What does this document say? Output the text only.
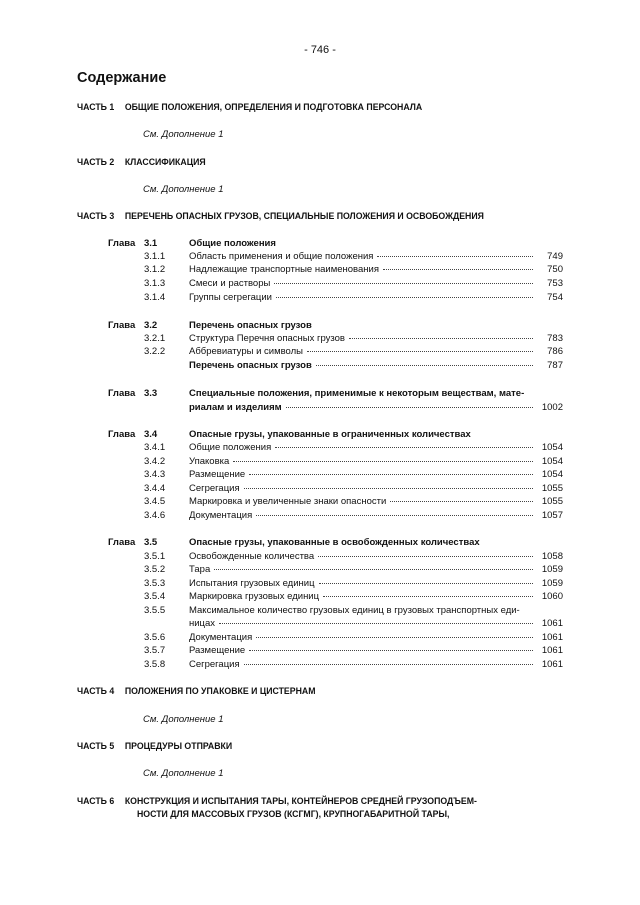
- 746 -
Содержание
ЧАСТЬ 1 ОБЩИЕ ПОЛОЖЕНИЯ, ОПРЕДЕЛЕНИЯ И ПОДГОТОВКА ПЕРСОНАЛА
См. Дополнение 1
ЧАСТЬ 2 КЛАССИФИКАЦИЯ
См. Дополнение 1
ЧАСТЬ 3 ПЕРЕЧЕНЬ ОПАСНЫХ ГРУЗОВ, СПЕЦИАЛЬНЫЕ ПОЛОЖЕНИЯ И ОСВОБОЖДЕНИЯ
Глава 3.1	Общие положения
3.1.1	Область применения и общие положения	749
3.1.2	Надлежащие транспортные наименования	750
3.1.3	Смеси и растворы	753
3.1.4	Группы сегрегации	754
Глава 3.2	Перечень опасных грузов
3.2.1	Структура Перечня опасных грузов	783
3.2.2	Аббревиатуры и символы	786
Перечень опасных грузов	787
Глава 3.3	Специальные положения, применимые к некоторым веществам, мате-
риалам и изделиям	1002
Глава 3.4	Опасные грузы, упакованные в ограниченных количествах
3.4.1	Общие положения	1054
3.4.2	Упаковка	1054
3.4.3	Размещение	1054
3.4.4	Сегрегация	1055
3.4.5	Маркировка и увеличенные знаки опасности	1055
3.4.6	Документация	1057
Глава 3.5	Опасные грузы, упакованные в освобожденных количествах
3.5.1	Освобожденные количества	1058
3.5.2	Тара	1059
3.5.3	Испытания грузовых единиц	1059
3.5.4	Маркировка грузовых единиц	1060
3.5.5	Максимальное количество грузовых единиц в грузовых транспортных еди-
ницах	1061
3.5.6	Документация	1061
3.5.7	Размещение	1061
3.5.8	Сегрегация	1061
ЧАСТЬ 4 ПОЛОЖЕНИЯ ПО УПАКОВКЕ И ЦИСТЕРНАМ
См. Дополнение 1
ЧАСТЬ 5 ПРОЦЕДУРЫ ОТПРАВКИ
См. Дополнение 1
ЧАСТЬ 6 КОНСТРУКЦИЯ И ИСПЫТАНИЯ ТАРЫ, КОНТЕЙНЕРОВ СРЕДНЕЙ ГРУЗОПОДЪЕМ-
НОСТИ ДЛЯ МАССОВЫХ ГРУЗОВ (КСГМГ), КРУПНОГАБАРИТНОЙ ТАРЫ,
